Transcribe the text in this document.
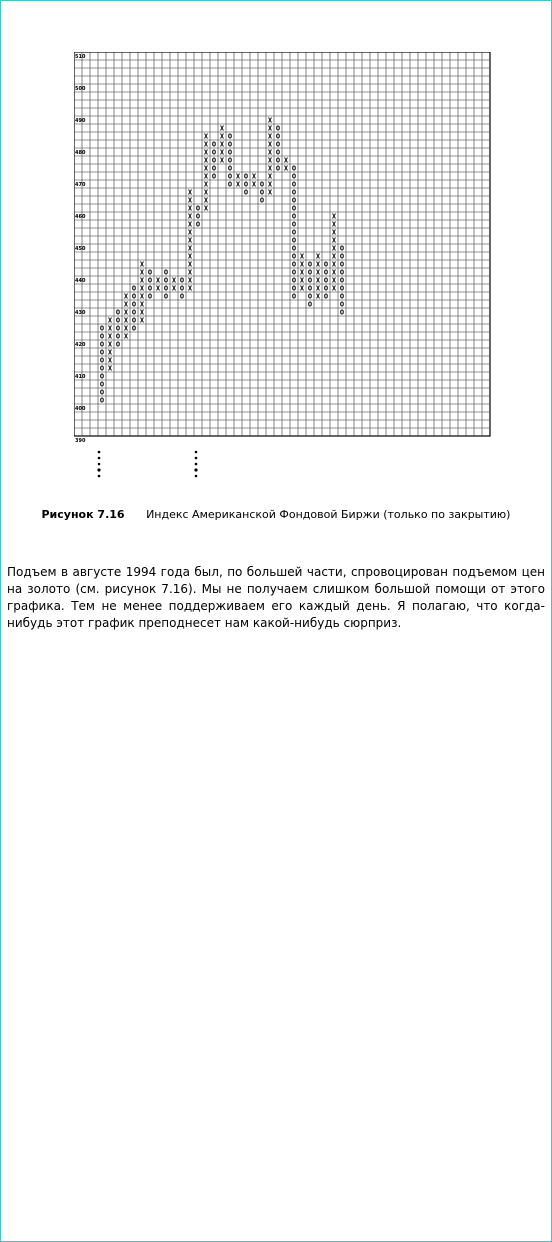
510
500
490
480
470
460
450
440
430
420
410
400
390
O
O
O
O
O
O
O
O
O
O
X
X
X
X
X
X
X
O
O
O
O
O
X
X
X
X
X
X
O
O
O
O
O
O
X
X
X
X
X
X
X
X
O
O
O
O
X
X
O
O
O
O
X
X
O
O
O
X
X
X
X
X
X
X
X
X
X
X
X
X
O
O
O
X
X
X
X
X
X
X
X
X
X
O
O
O
O
O
X
X
X
X
X
O
O
O
O
O
O
O
X
X
O
O
O
X
X O
O
O
X
X
X
X
X
X
X
X
X
X
O
O
O
O
O
O
X
X O
O
O
O
O
O
O
O
O
O
O
O
O
O
O
O
O
X
X
X
X
X
O
O
O
O
O
O
X
X
X
X
X
X
O
O
O
O
O
X
X
X
X
X
X
X
X
X
X
O
O
O
O
O
O
O
O
O
Рисунок 7.16 Индекс Американской Фондовой Биржи (только по закрытию)

Подъем в августе 1994 года был, по большей части, спровоцирован подъемом цен на золото (см. рисунок 7.16). Мы не получаем слишком большой помощи от этого графика. Тем не менее поддерживаем его каждый день. Я полагаю, что когда-нибудь этот график преподнесет нам какой-нибудь сюрприз.
